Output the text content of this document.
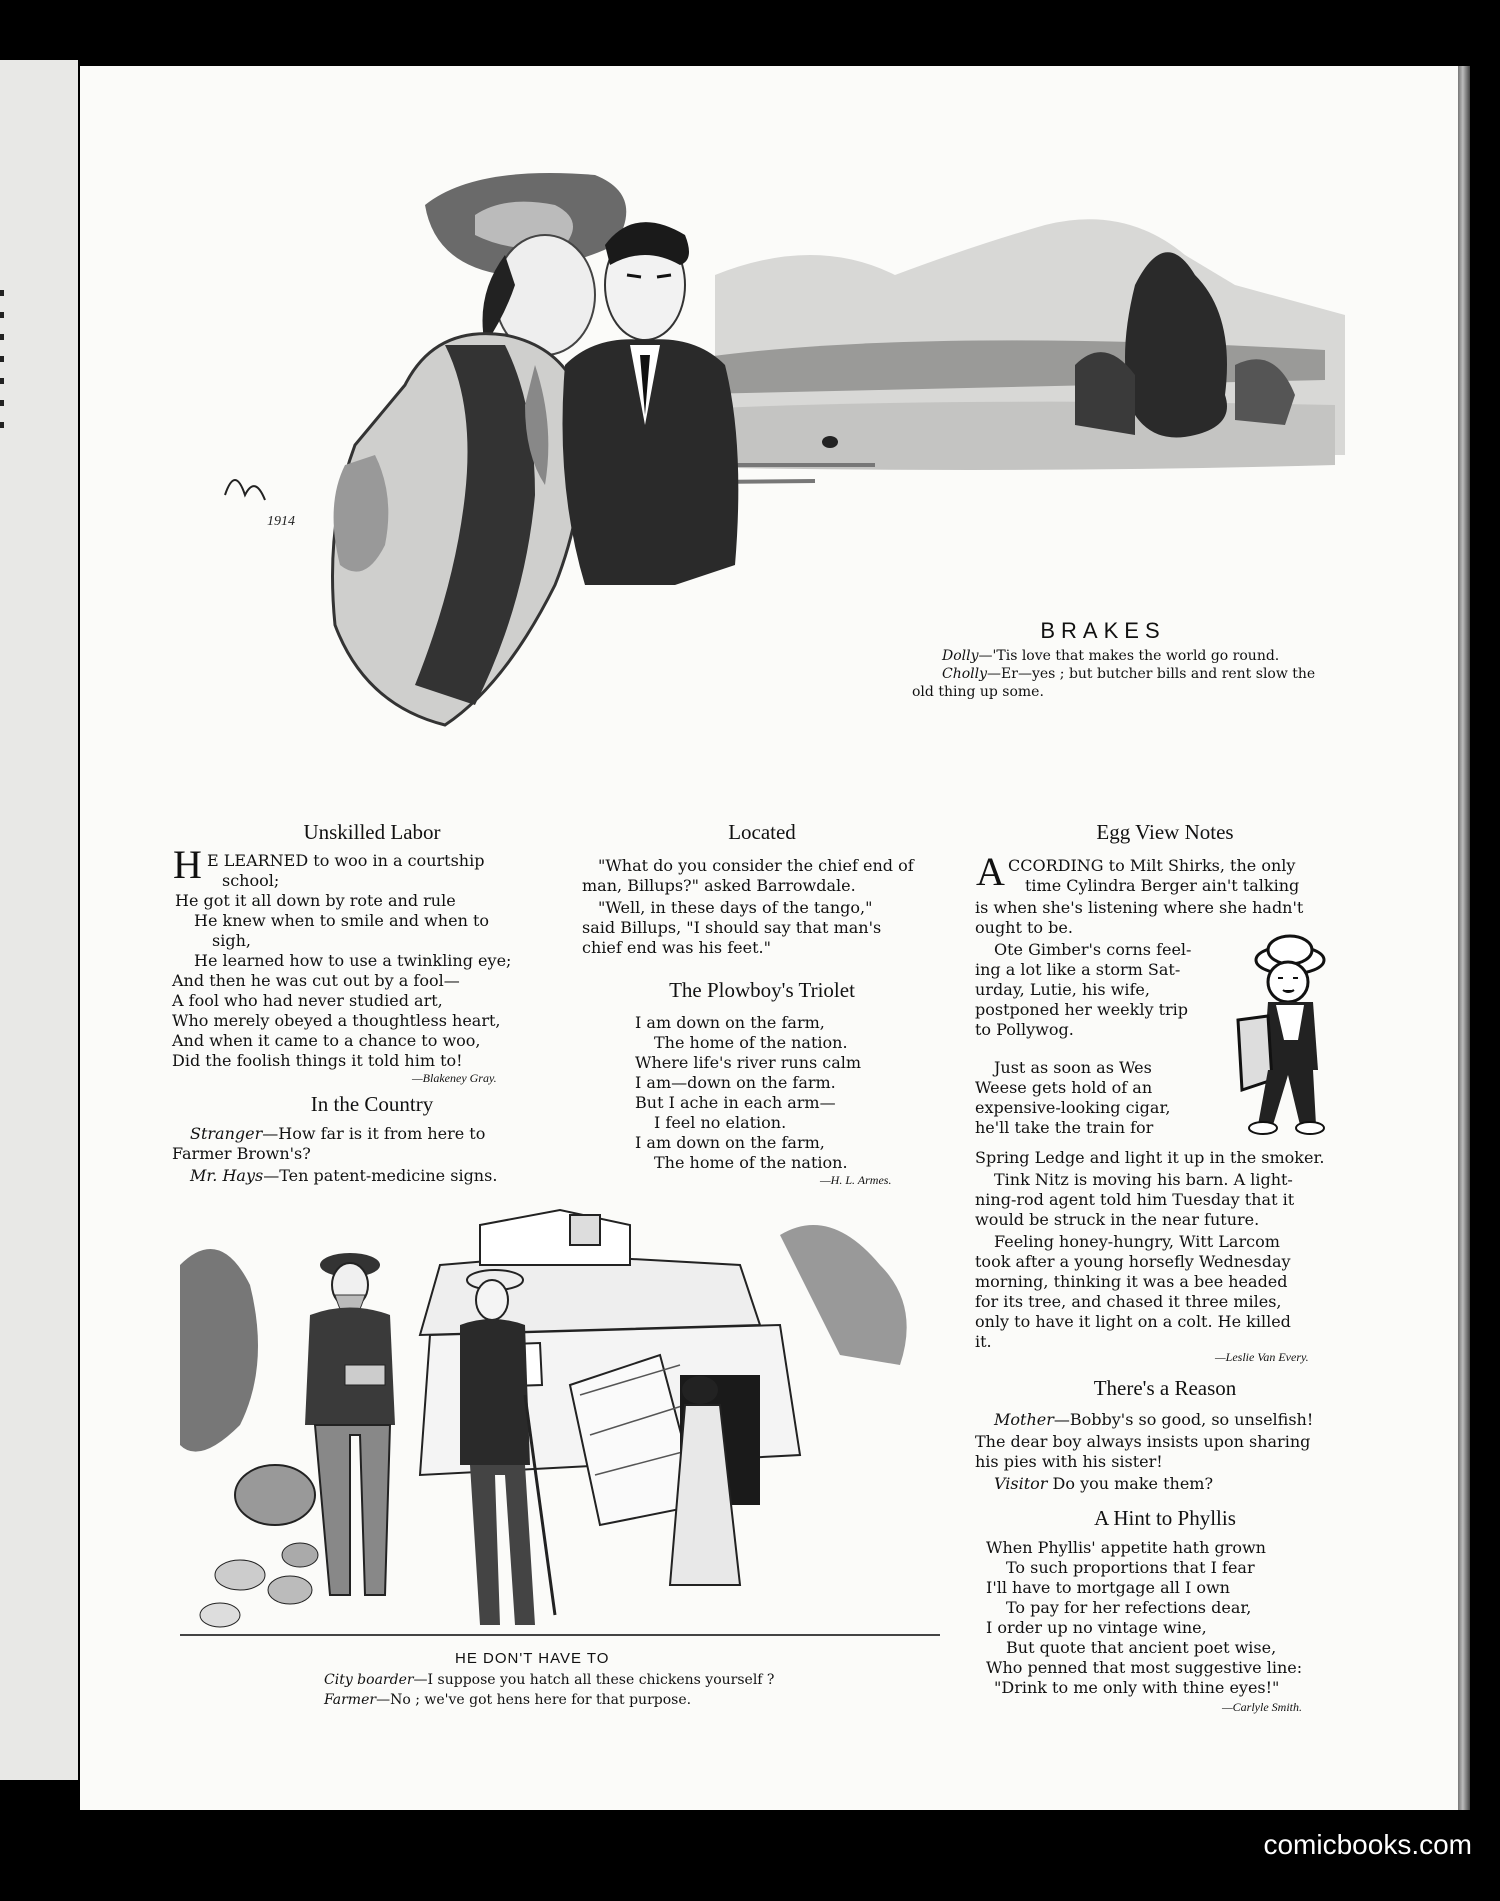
1914
BRAKES
Dolly—'Tis love that makes the world go round.
Cholly—Er—yes ; but butcher bills and rent slow the
old thing up some.
Unskilled Labor
H E LEARNED to woo in a courtship
school;
He got it all down by rote and rule
He knew when to smile and when to
sigh,
He learned how to use a twinkling eye;
And then he was cut out by a fool—
A fool who had never studied art,
Who merely obeyed a thoughtless heart,
And when it came to a chance to woo,
Did the foolish things it told him to!
—Blakeney Gray.
In the Country
Stranger—How far is it from here to
Farmer Brown's?
Mr. Hays—Ten patent-medicine signs.
Located
"What do you consider the chief end of
man, Billups?" asked Barrowdale.
"Well, in these days of the tango,"
said Billups, "I should say that man's
chief end was his feet."
The Plowboy's Triolet
I am down on the farm,
The home of the nation.
Where life's river runs calm
I am—down on the farm.
But I ache in each arm—
I feel no elation.
I am down on the farm,
The home of the nation.
—H. L. Armes.
HE DON'T HAVE TO
City boarder—I suppose you hatch all these chickens yourself ?
Farmer—No ; we've got hens here for that purpose.
Egg View Notes
A CCORDING to Milt Shirks, the only
time Cylindra Berger ain't talking
is when she's listening where she hadn't
ought to be.
Ote Gimber's corns feel-
ing a lot like a storm Sat-
urday, Lutie, his wife,
postponed her weekly trip
to Pollywog.
Just as soon as Wes
Weese gets hold of an
expensive-looking cigar,
he'll take the train for
Spring Ledge and light it up in the smoker.
Tink Nitz is moving his barn. A light-
ning-rod agent told him Tuesday that it
would be struck in the near future.
Feeling honey-hungry, Witt Larcom
took after a young horsefly Wednesday
morning, thinking it was a bee headed
for its tree, and chased it three miles,
only to have it light on a colt. He killed
it.
—Leslie Van Every.
There's a Reason
Mother—Bobby's so good, so unselfish!
The dear boy always insists upon sharing
his pies with his sister!
Visitor Do you make them?
A Hint to Phyllis
When Phyllis' appetite hath grown
To such proportions that I fear
I'll have to mortgage all I own
To pay for her refections dear,
I order up no vintage wine,
But quote that ancient poet wise,
Who penned that most suggestive line:
"Drink to me only with thine eyes!"
—Carlyle Smith.
comicbooks.com
